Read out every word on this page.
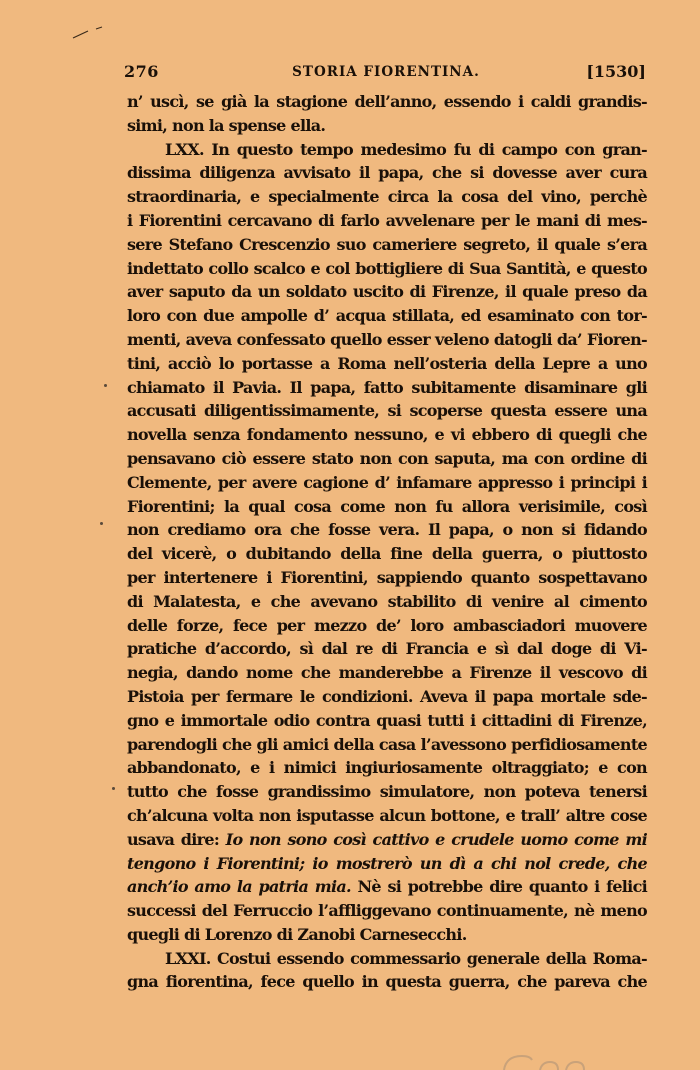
276	STORIA FIORENTINA.	[1530]
n’ uscì, se già la stagione dell’anno, essendo i caldi grandis-
simi, non la spense ella.
LXX. In questo tempo medesimo fu di campo con gran-
dissima diligenza avvisato il papa, che si dovesse aver cura
straordinaria, e specialmente circa la cosa del vino, perchè
i Fiorentini cercavano di farlo avvelenare per le mani di mes-
sere Stefano Crescenzio suo cameriere segreto, il quale s’era
indettato collo scalco e col bottigliere di Sua Santità, e questo
aver saputo da un soldato uscito di Firenze, il quale preso da
loro con due ampolle d’ acqua stillata, ed esaminato con tor-
menti, aveva confessato quello esser veleno datogli da’ Fioren-
tini, acciò lo portasse a Roma nell’osteria della Lepre a uno
chiamato il Pavia. Il papa, fatto subitamente disaminare gli
accusati diligentissimamente, si scoperse questa essere una
novella senza fondamento nessuno, e vi ebbero di quegli che
pensavano ciò essere stato non con saputa, ma con ordine di
Clemente, per avere cagione d’ infamare appresso i principi i
Fiorentini; la qual cosa come non fu allora verisimile, così
non crediamo ora che fosse vera. Il papa, o non si fidando
del vicerè, o dubitando della fine della guerra, o piuttosto
per intertenere i Fiorentini, sappiendo quanto sospettavano
di Malatesta, e che avevano stabilito di venire al cimento
delle forze, fece per mezzo de’ loro ambasciadori muovere
pratiche d’accordo, sì dal re di Francia e sì dal doge di Vi-
negia, dando nome che manderebbe a Firenze il vescovo di
Pistoia per fermare le condizioni. Aveva il papa mortale sde-
gno e immortale odio contra quasi tutti i cittadini di Firenze,
parendogli che gli amici della casa l’avessono perfidiosamente
abbandonato, e i nimici ingiuriosamente oltraggiato; e con
tutto che fosse grandissimo simulatore, non poteva tenersi
ch’alcuna volta non isputasse alcun bottone, e trall’ altre cose
usava dire: Io non sono così cattivo e crudele uomo come mi
tengono i Fiorentini; io mostrerò un dì a chi nol crede, che
anch’io amo la patria mia. Nè si potrebbe dire quanto i felici
successi del Ferruccio l’affliggevano continuamente, nè meno
quegli di Lorenzo di Zanobi Carnesecchi.
LXXI. Costui essendo commessario generale della Roma-
gna fiorentina, fece quello in questa guerra, che pareva che
